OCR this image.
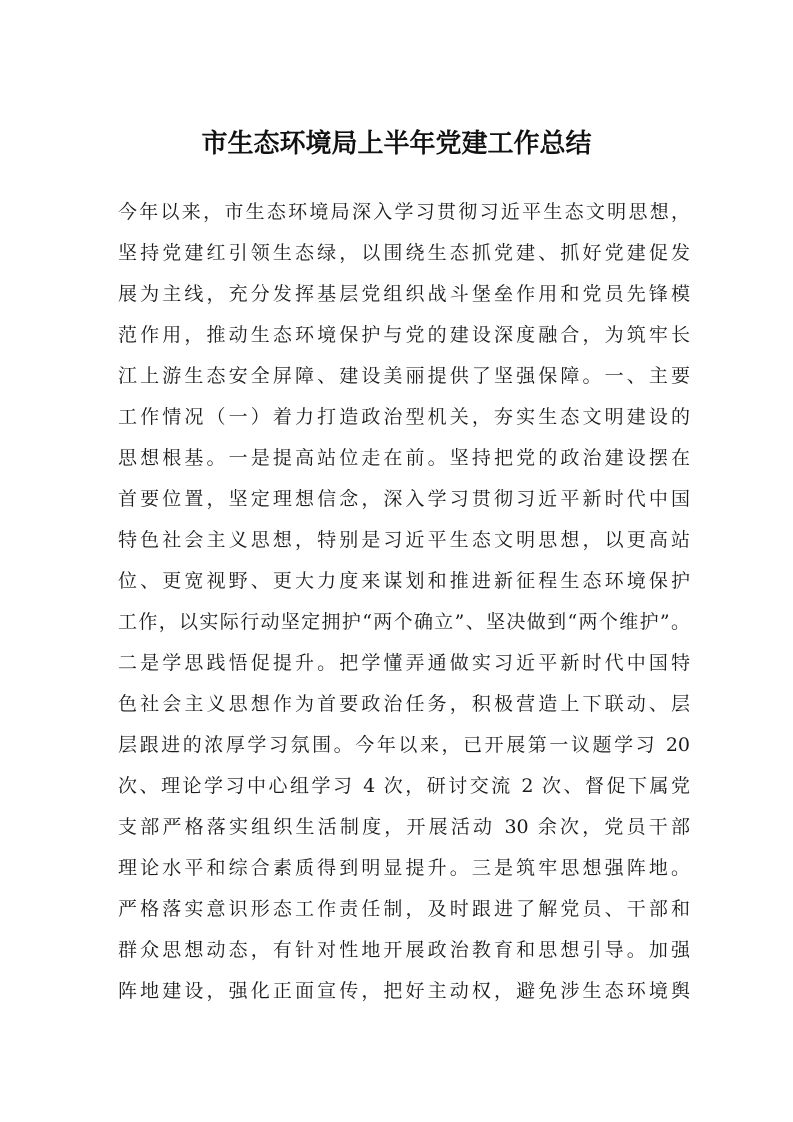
市生态环境局上半年党建工作总结
今年以来，市生态环境局深入学习贯彻习近平生态文明思想，
坚持党建红引领生态绿，以围绕生态抓党建、抓好党建促发
展为主线，充分发挥基层党组织战斗堡垒作用和党员先锋模
范作用，推动生态环境保护与党的建设深度融合，为筑牢长
江上游生态安全屏障、建设美丽提供了坚强保障。一、主要
工作情况（一）着力打造政治型机关，夯实生态文明建设的
思想根基。一是提高站位走在前。坚持把党的政治建设摆在
首要位置，坚定理想信念，深入学习贯彻习近平新时代中国
特色社会主义思想，特别是习近平生态文明思想，以更高站
位、更宽视野、更大力度来谋划和推进新征程生态环境保护
工作，以实际行动坚定拥护“两个确立”、坚决做到“两个维护”。
二是学思践悟促提升。把学懂弄通做实习近平新时代中国特
色社会主义思想作为首要政治任务，积极营造上下联动、层
层跟进的浓厚学习氛围。今年以来，已开展第一议题学习 20
次、理论学习中心组学习 4 次，研讨交流 2 次、督促下属党
支部严格落实组织生活制度，开展活动 30 余次，党员干部
理论水平和综合素质得到明显提升。三是筑牢思想强阵地。
严格落实意识形态工作责任制，及时跟进了解党员、干部和
群众思想动态，有针对性地开展政治教育和思想引导。加强
阵地建设，强化正面宣传，把好主动权，避免涉生态环境舆
